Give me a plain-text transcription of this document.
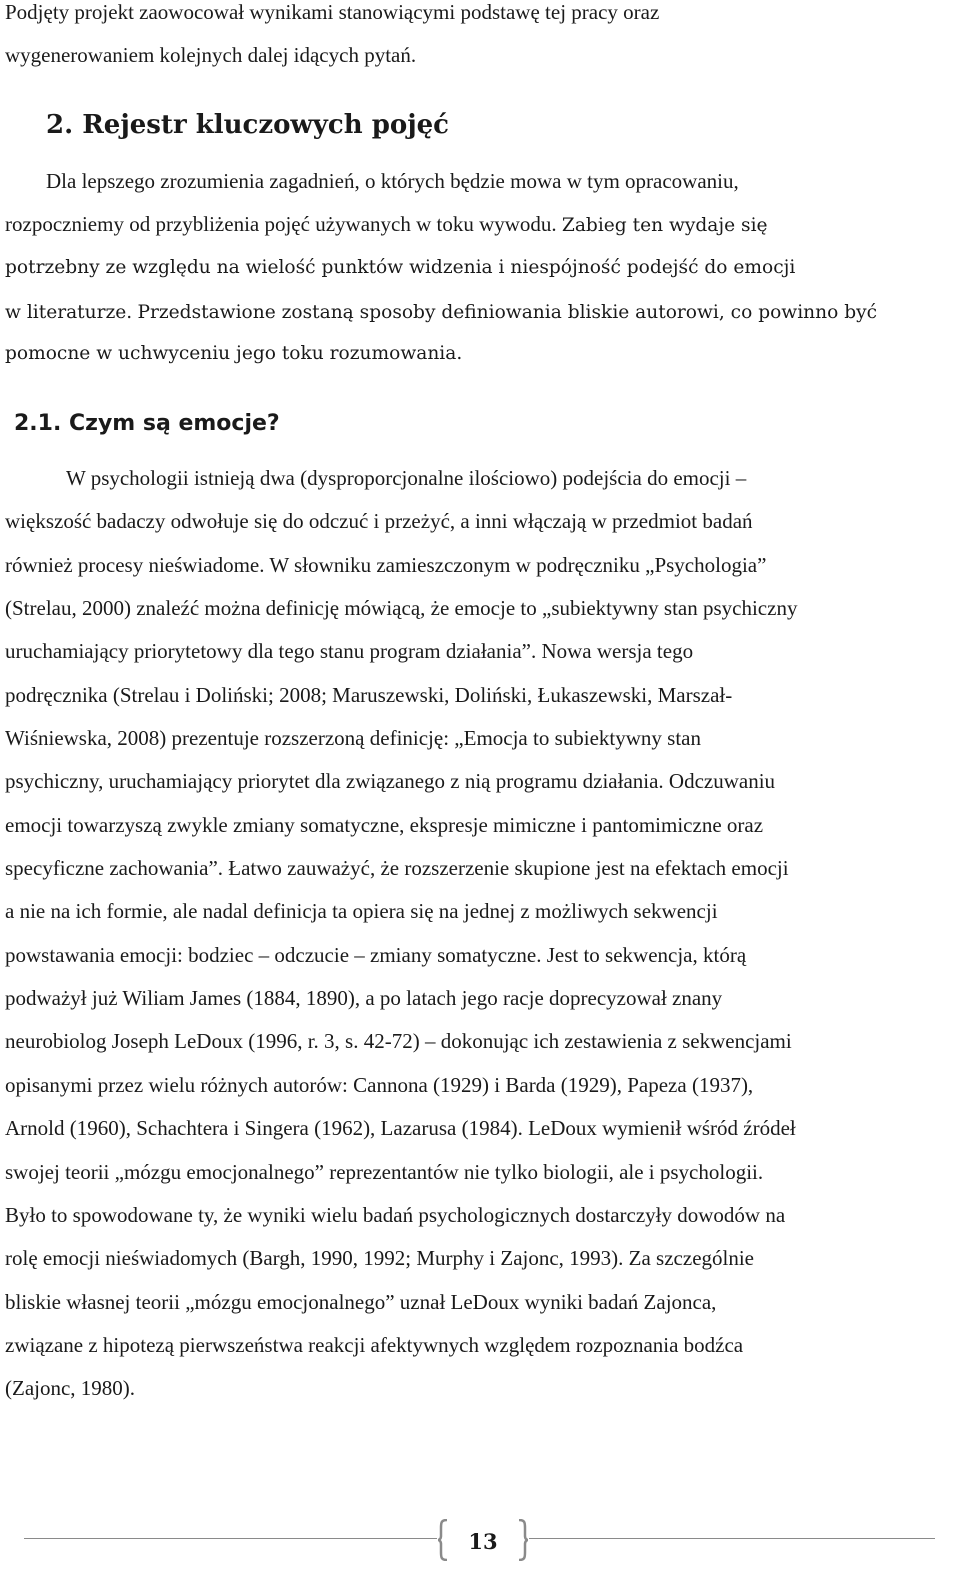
Podjęty projekt zaowocował wynikami stanowiącymi podstawę tej pracy oraz
wygenerowaniem kolejnych dalej idących pytań.
2. Rejestr kluczowych pojęć
Dla lepszego zrozumienia zagadnień, o których będzie mowa w tym opracowaniu,
rozpoczniemy od przybliżenia pojęć używanych w toku wywodu. Zabieg ten wydaje się
potrzebny ze względu na wielość punktów widzenia i niespójność podejść do emocji
w literaturze. Przedstawione zostaną sposoby definiowania bliskie autorowi, co powinno być
pomocne w uchwyceniu jego toku rozumowania.
2.1. Czym są emocje?
W psychologii istnieją dwa (dysproporcjonalne ilościowo) podejścia do emocji –
większość badaczy odwołuje się do odczuć i przeżyć, a inni włączają w przedmiot badań
również procesy nieświadome. W słowniku zamieszczonym w podręczniku „Psychologia”
(Strelau, 2000) znaleźć można definicję mówiącą, że emocje to „subiektywny stan psychiczny
uruchamiający priorytetowy dla tego stanu program działania”. Nowa wersja tego
podręcznika (Strelau i Doliński; 2008; Maruszewski, Doliński, Łukaszewski, Marszał-
Wiśniewska, 2008) prezentuje rozszerzoną definicję: „Emocja to subiektywny stan
psychiczny, uruchamiający priorytet dla związanego z nią programu działania. Odczuwaniu
emocji towarzyszą zwykle zmiany somatyczne, ekspresje mimiczne i pantomimiczne oraz
specyficzne zachowania”. Łatwo zauważyć, że rozszerzenie skupione jest na efektach emocji
a nie na ich formie, ale nadal definicja ta opiera się na jednej z możliwych sekwencji
powstawania emocji: bodziec – odczucie – zmiany somatyczne. Jest to sekwencja, którą
podważył już Wiliam James (1884, 1890), a po latach jego racje doprecyzował znany
neurobiolog Joseph LeDoux (1996, r. 3, s. 42-72) – dokonując ich zestawienia z sekwencjami
opisanymi przez wielu różnych autorów: Cannona (1929) i Barda (1929), Papeza (1937),
Arnold (1960), Schachtera i Singera (1962), Lazarusa (1984). LeDoux wymienił wśród źródeł
swojej teorii „mózgu emocjonalnego” reprezentantów nie tylko biologii, ale i psychologii.
Było to spowodowane ty, że wyniki wielu badań psychologicznych dostarczyły dowodów na
rolę emocji nieświadomych (Bargh, 1990, 1992; Murphy i Zajonc, 1993). Za szczególnie
bliskie własnej teorii „mózgu emocjonalnego” uznał LeDoux wyniki badań Zajonca,
związane z hipotezą pierwszeństwa reakcji afektywnych względem rozpoznania bodźca
(Zajonc, 1980).
13
